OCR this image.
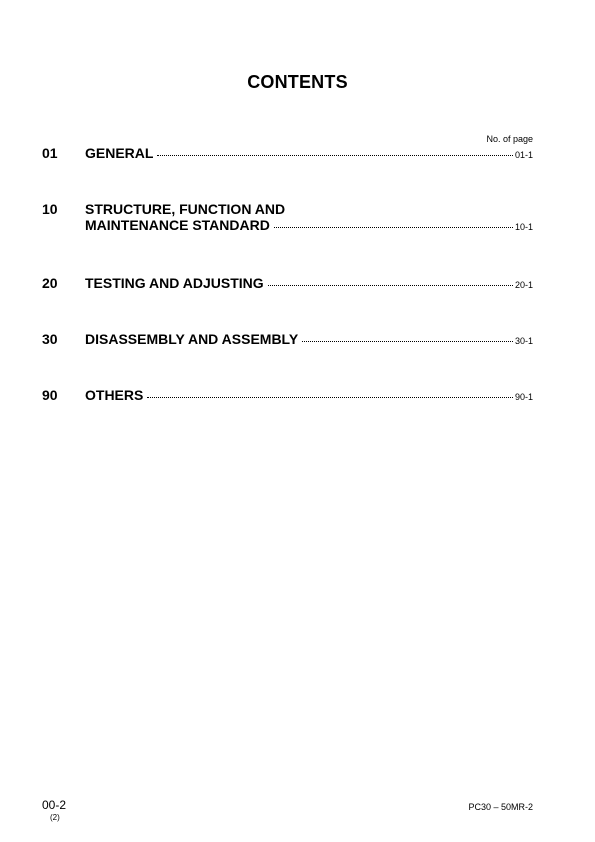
CONTENTS
No. of page
01 GENERAL	01-1
10 STRUCTURE, FUNCTION AND
MAINTENANCE STANDARD	10-1
20 TESTING AND ADJUSTING	20-1
30 DISASSEMBLY AND ASSEMBLY	30-1
90 OTHERS	90-1
00-2
(2)
PC30 – 50MR-2
